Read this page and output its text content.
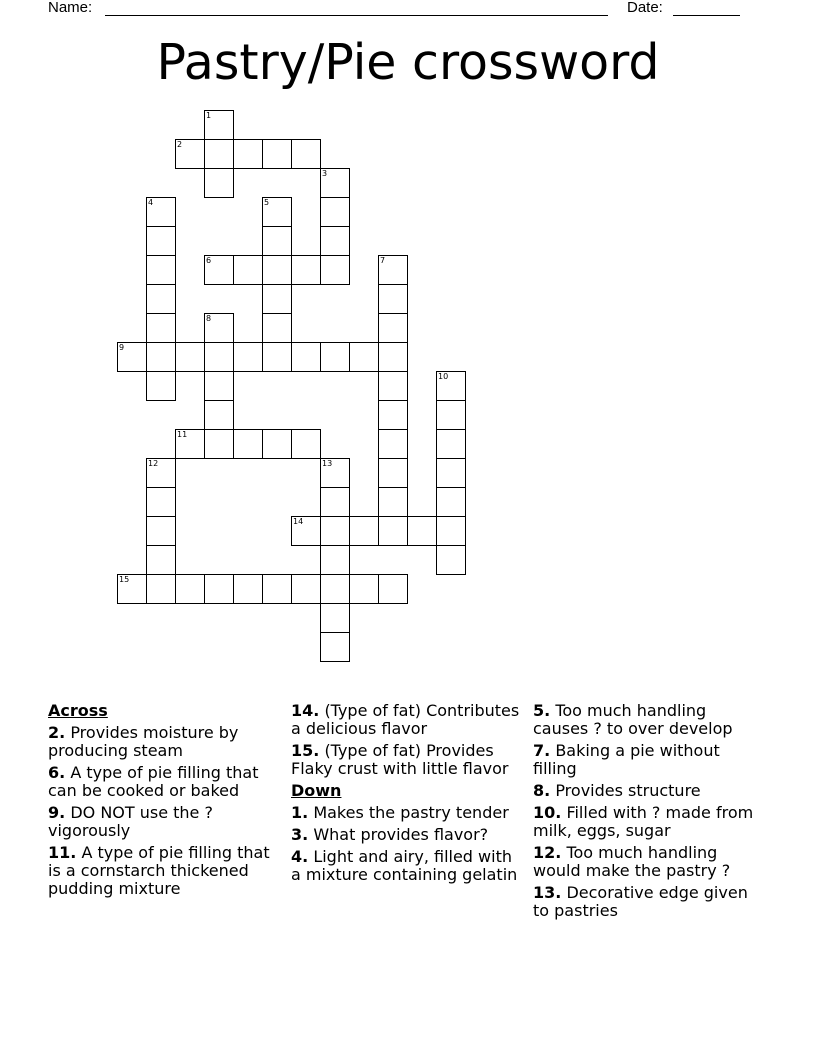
Name:	Date:
Pastry/Pie crossword
1
2
3
4	5
6	7
8
9
10
11
12	13
14
15
Across
2. Provides moisture by producing steam
6. A type of pie filling that can be cooked or baked
9. DO NOT use the ? vigorously
11. A type of pie filling that is a cornstarch thickened pudding mixture
14. (Type of fat) Contributes a delicious flavor
15. (Type of fat) Provides Flaky crust with little flavor
Down
1. Makes the pastry tender
3. What provides flavor?
4. Light and airy, filled with a mixture containing gelatin
5. Too much handling causes ? to over develop
7. Baking a pie without filling
8. Provides structure
10. Filled with ? made from milk, eggs, sugar
12. Too much handling would make the pastry ?
13. Decorative edge given to pastries
